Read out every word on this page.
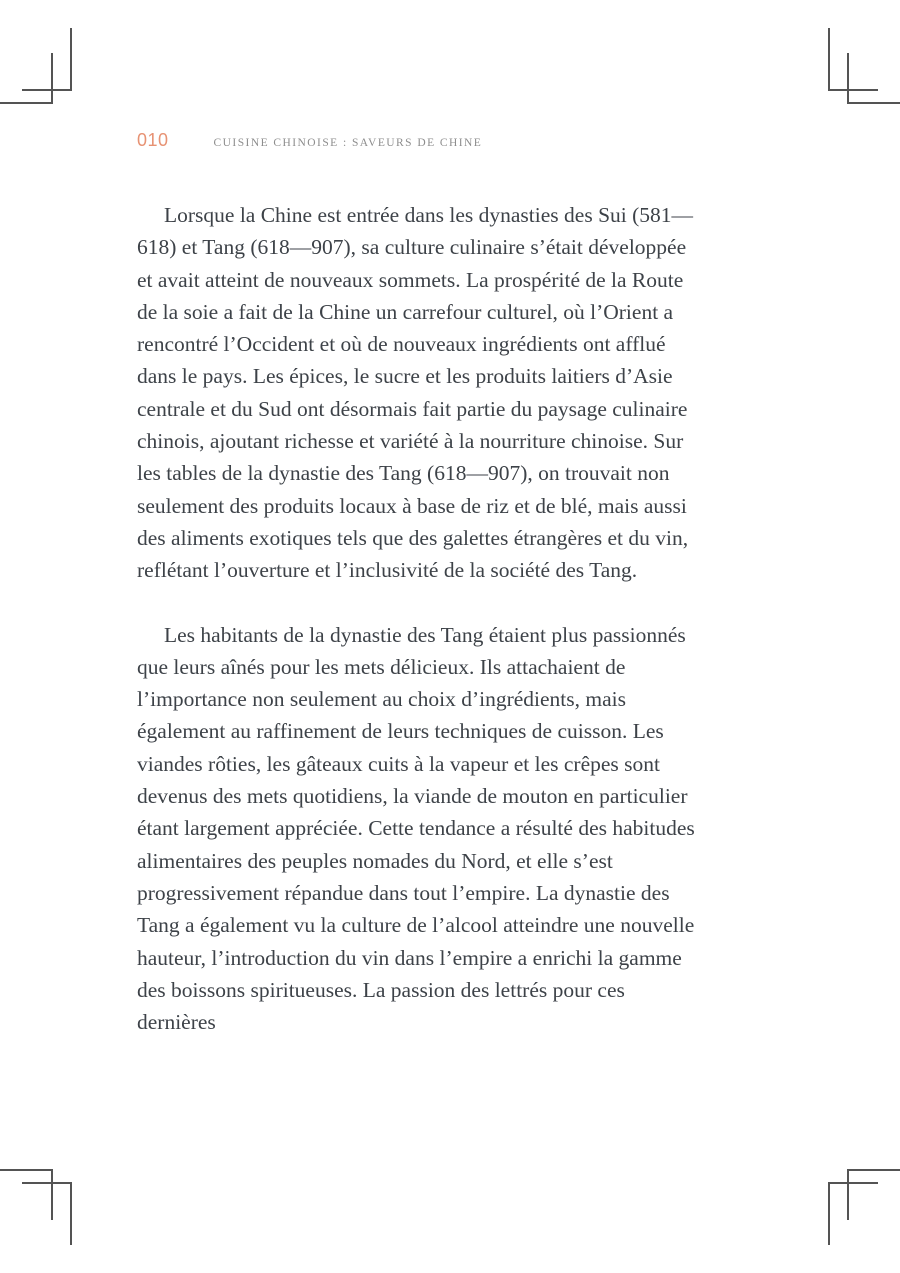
010	CUISINE CHINOISE : SAVEURS DE CHINE

Lorsque la Chine est entrée dans les dynasties des Sui (581—618) et Tang (618—907), sa culture culinaire s’était développée et avait atteint de nouveaux sommets. La prospérité de la Route de la soie a fait de la Chine un carrefour culturel, où l’Orient a rencontré l’Occident et où de nouveaux ingrédients ont afflué dans le pays. Les épices, le sucre et les produits laitiers d’Asie centrale et du Sud ont désormais fait partie du paysage culinaire chinois, ajoutant richesse et variété à la nourriture chinoise. Sur les tables de la dynastie des Tang (618—907), on trouvait non seulement des produits locaux à base de riz et de blé, mais aussi des aliments exotiques tels que des galettes étrangères et du vin, reflétant l’ouverture et l’inclusivité de la société des Tang.

Les habitants de la dynastie des Tang étaient plus passionnés que leurs aînés pour les mets délicieux. Ils attachaient de l’importance non seulement au choix d’ingrédients, mais également au raffinement de leurs techniques de cuisson. Les viandes rôties, les gâteaux cuits à la vapeur et les crêpes sont devenus des mets quotidiens, la viande de mouton en particulier étant largement appréciée. Cette tendance a résulté des habitudes alimentaires des peuples nomades du Nord, et elle s’est progressivement répandue dans tout l’empire. La dynastie des Tang a également vu la culture de l’alcool atteindre une nouvelle hauteur, l’introduction du vin dans l’empire a enrichi la gamme des boissons spiritueuses. La passion des lettrés pour ces dernières
